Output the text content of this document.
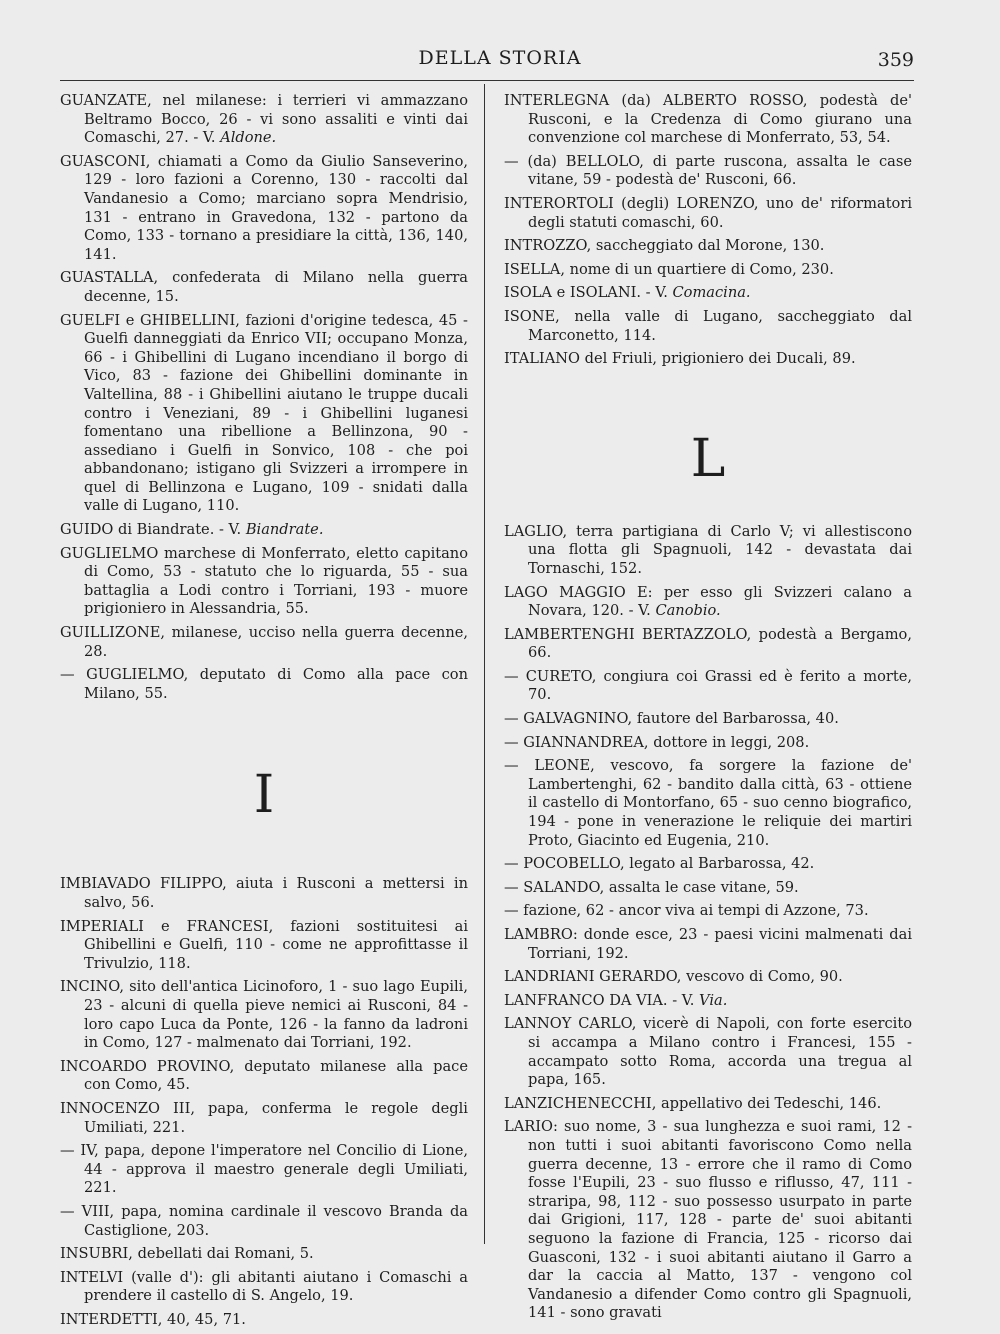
DELLA STORIA	359

GUANZATE, nel milanese: i terrieri vi ammazzano Beltramo Bocco, 26 - vi sono assaliti e vinti dai Comaschi, 27. - V. Aldone.

GUASCONI, chiamati a Como da Giulio Sanseverino, 129 - loro fazioni a Corenno, 130 - raccolti dal Vandanesio a Como; marciano sopra Mendrisio, 131 - entrano in Gravedona, 132 - partono da Como, 133 - tornano a presidiare la città, 136, 140, 141.

GUASTALLA, confederata di Milano nella guerra decenne, 15.

GUELFI e GHIBELLINI, fazioni d'origine tedesca, 45 - Guelfi danneggiati da Enrico VII; occupano Monza, 66 - i Ghibellini di Lugano incendiano il borgo di Vico, 83 - fazione dei Ghibellini dominante in Valtellina, 88 - i Ghibellini aiutano le truppe ducali contro i Veneziani, 89 - i Ghibellini luganesi fomentano una ribellione a Bellinzona, 90 - assediano i Guelfi in Sonvico, 108 - che poi abbandonano; istigano gli Svizzeri a irrompere in quel di Bellinzona e Lugano, 109 - snidati dalla valle di Lugano, 110.

GUIDO di Biandrate. - V. Biandrate.

GUGLIELMO marchese di Monferrato, eletto capitano di Como, 53 - statuto che lo riguarda, 55 - sua battaglia a Lodi contro i Torriani, 193 - muore prigioniero in Alessandria, 55.

GUILLIZONE, milanese, ucciso nella guerra decenne, 28.

— GUGLIELMO, deputato di Como alla pace con Milano, 55.

I

IMBIAVADO FILIPPO, aiuta i Rusconi a mettersi in salvo, 56.

IMPERIALI e FRANCESI, fazioni sostituitesi ai Ghibellini e Guelfi, 110 - come ne approfittasse il Trivulzio, 118.

INCINO, sito dell'antica Licinoforo, 1 - suo lago Eupili, 23 - alcuni di quella pieve nemici ai Rusconi, 84 - loro capo Luca da Ponte, 126 - la fanno da ladroni in Como, 127 - malmenato dai Torriani, 192.

INCOARDO PROVINO, deputato milanese alla pace con Como, 45.

INNOCENZO III, papa, conferma le regole degli Umiliati, 221.

— IV, papa, depone l'imperatore nel Concilio di Lione, 44 - approva il maestro generale degli Umiliati, 221.

— VIII, papa, nomina cardinale il vescovo Branda da Castiglione, 203.

INSUBRI, debellati dai Romani, 5.

INTELVI (valle d'): gli abitanti aiutano i Comaschi a prendere il castello di S. Angelo, 19.

INTERDETTI, 40, 45, 71.

INTERLEGNA (da) ALBERTO ROSSO, podestà de' Rusconi, e la Credenza di Como giurano una convenzione col marchese di Monferrato, 53, 54.

— (da) BELLOLO, di parte ruscona, assalta le case vitane, 59 - podestà de' Rusconi, 66.

INTERORTOLI (degli) LORENZO, uno de' riformatori degli statuti comaschi, 60.

INTROZZO, saccheggiato dal Morone, 130.

ISELLA, nome di un quartiere di Como, 230.

ISOLA e ISOLANI. - V. Comacina.

ISONE, nella valle di Lugano, saccheggiato dal Marconetto, 114.

ITALIANO del Friuli, prigioniero dei Ducali, 89.

L

LAGLIO, terra partigiana di Carlo V; vi allestiscono una flotta gli Spagnuoli, 142 - devastata dai Tornaschi, 152.

LAGO MAGGIO E: per esso gli Svizzeri calano a Novara, 120. - V. Canobio.

LAMBERTENGHI BERTAZZOLO, podestà a Bergamo, 66.

— CURETO, congiura coi Grassi ed è ferito a morte, 70.

— GALVAGNINO, fautore del Barbarossa, 40.

— GIANNANDREA, dottore in leggi, 208.

— LEONE, vescovo, fa sorgere la fazione de' Lambertenghi, 62 - bandito dalla città, 63 - ottiene il castello di Montorfano, 65 - suo cenno biografico, 194 - pone in venerazione le reliquie dei martiri Proto, Giacinto ed Eugenia, 210.

— POCOBELLO, legato al Barbarossa, 42.

— SALANDO, assalta le case vitane, 59.

— fazione, 62 - ancor viva ai tempi di Azzone, 73.

LAMBRO: donde esce, 23 - paesi vicini malmenati dai Torriani, 192.

LANDRIANI GERARDO, vescovo di Como, 90.

LANFRANCO DA VIA. - V. Via.

LANNOY CARLO, vicerè di Napoli, con forte esercito si accampa a Milano contro i Francesi, 155 - accampato sotto Roma, accorda una tregua al papa, 165.

LANZICHENECCHI, appellativo dei Tedeschi, 146.

LARIO: suo nome, 3 - sua lunghezza e suoi rami, 12 - non tutti i suoi abitanti favoriscono Como nella guerra decenne, 13 - errore che il ramo di Como fosse l'Eupili, 23 - suo flusso e riflusso, 47, 111 - straripa, 98, 112 - suo possesso usurpato in parte dai Grigioni, 117, 128 - parte de' suoi abitanti seguono la fazione di Francia, 125 - ricorso dai Guasconi, 132 - i suoi abitanti aiutano il Garro a dar la caccia al Matto, 137 - vengono col Vandanesio a difender Como contro gli Spagnuoli, 141 - sono gravati
